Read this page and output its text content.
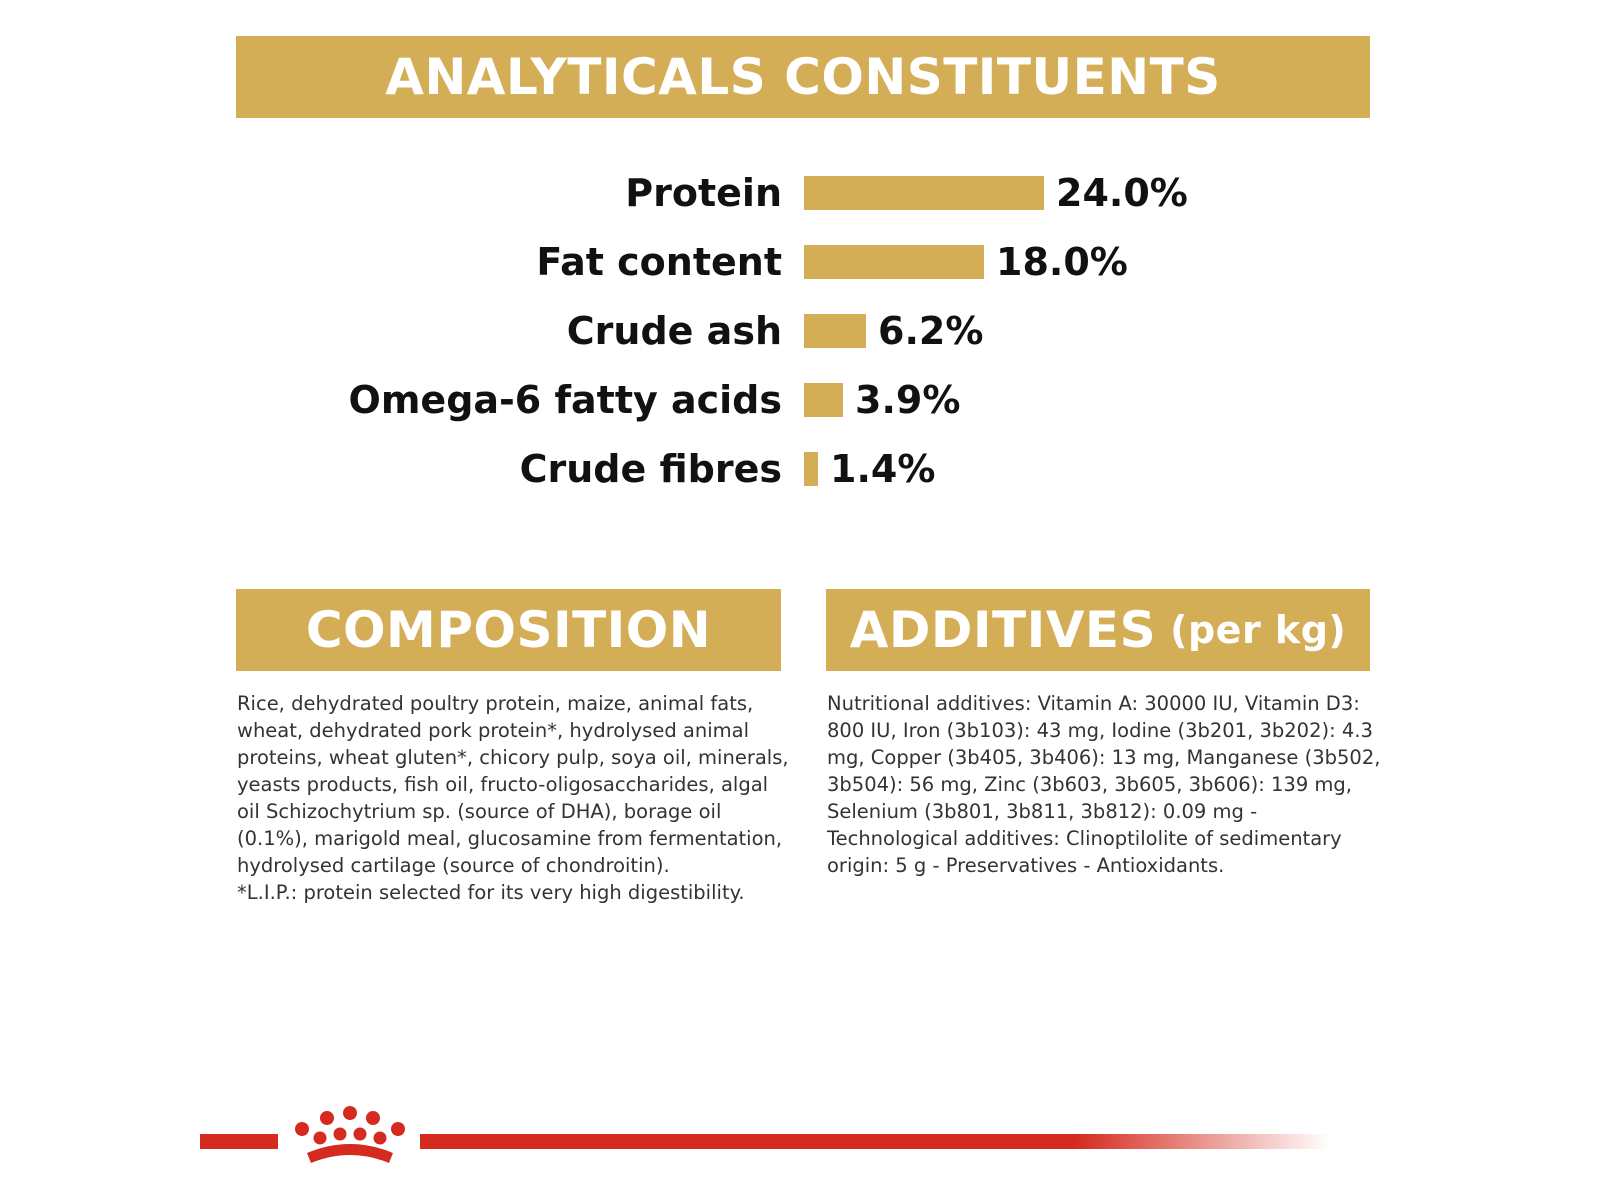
ANALYTICALS CONSTITUENTS
Protein	24.0%
Fat content	18.0%
Crude ash	6.2%
Omega-6 fatty acids 3.9%
Crude fibres 1.4%
COMPOSITION
Rice, dehydrated poultry protein, maize, animal fats, wheat, dehydrated pork protein*, hydrolysed animal proteins, wheat gluten*, chicory pulp, soya oil, minerals, yeasts products, fish oil, fructo-oligosaccharides, algal oil Schizochytrium sp. (source of DHA), borage oil (0.1%), marigold meal, glucosamine from fermentation, hydrolysed cartilage (source of chondroitin).
*L.I.P.: protein selected for its very high digestibility.
ADDITIVES (per kg)
Nutritional additives: Vitamin A: 30000 IU, Vitamin D3: 800 IU, Iron (3b103): 43 mg, Iodine (3b201, 3b202): 4.3 mg, Copper (3b405, 3b406): 13 mg, Manganese (3b502, 3b504): 56 mg, Zinc (3b603, 3b605, 3b606): 139 mg, Selenium (3b801, 3b811, 3b812): 0.09 mg - Technological additives: Clinoptilolite of sedimentary origin: 5 g - Preservatives - Antioxidants.
